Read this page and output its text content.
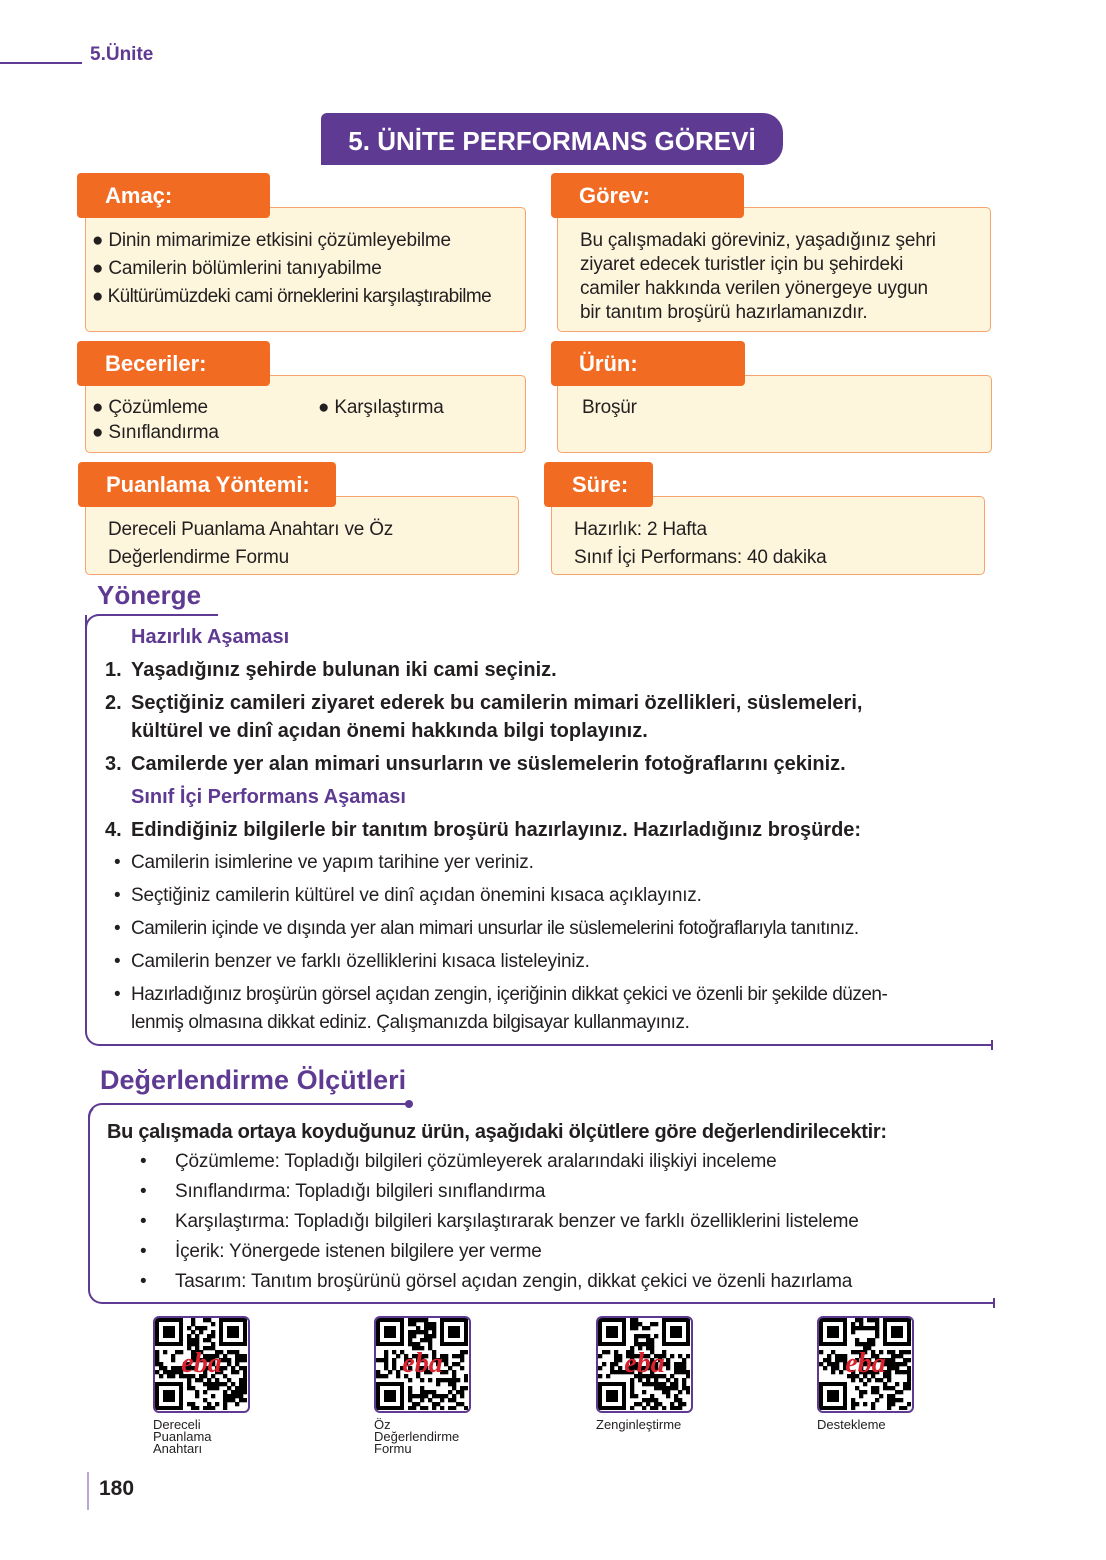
5.Ünite
5. ÜNİTE PERFORMANS GÖREVİ
Amaç:
● Dinin mimarimize etkisini çözümleyebilme
● Camilerin bölümlerini tanıyabilme
● Kültürümüzdeki cami örneklerini karşılaştırabilme
Görev:
Bu çalışmadaki göreviniz, yaşadığınız şehri
ziyaret edecek turistler için bu şehirdeki
camiler hakkında verilen yönergeye uygun
bir tanıtım broşürü hazırlamanızdır.
Beceriler:
● Çözümleme
● Sınıflandırma
● Karşılaştırma
Ürün:
Broşür
Puanlama Yöntemi:
Dereceli Puanlama Anahtarı ve Öz
Değerlendirme Formu
Süre:
Hazırlık: 2 Hafta
Sınıf İçi Performans: 40 dakika
Yönerge
Hazırlık Aşaması
1. Yaşadığınız şehirde bulunan iki cami seçiniz.
2. Seçtiğiniz camileri ziyaret ederek bu camilerin mimari özellikleri, süslemeleri,
kültürel ve dinî açıdan önemi hakkında bilgi toplayınız.
3. Camilerde yer alan mimari unsurların ve süslemelerin fotoğraflarını çekiniz.
Sınıf İçi Performans Aşaması
4. Edindiğiniz bilgilerle bir tanıtım broşürü hazırlayınız. Hazırladığınız broşürde:
• Camilerin isimlerine ve yapım tarihine yer veriniz.
• Seçtiğiniz camilerin kültürel ve dinî açıdan önemini kısaca açıklayınız.
• Camilerin içinde ve dışında yer alan mimari unsurlar ile süslemelerini fotoğraflarıyla tanıtınız.
• Camilerin benzer ve farklı özelliklerini kısaca listeleyiniz.
• Hazırladığınız broşürün görsel açıdan zengin, içeriğinin dikkat çekici ve özenli bir şekilde düzen-
lenmiş olmasına dikkat ediniz. Çalışmanızda bilgisayar kullanmayınız.
Değerlendirme Ölçütleri
Bu çalışmada ortaya koyduğunuz ürün, aşağıdaki ölçütlere göre değerlendirilecektir:
• Çözümleme: Topladığı bilgileri çözümleyerek aralarındaki ilişkiyi inceleme
• Sınıflandırma: Topladığı bilgileri sınıflandırma
• Karşılaştırma: Topladığı bilgileri karşılaştırarak benzer ve farklı özelliklerini listeleme
• İçerik: Yönergede istenen bilgilere yer verme
• Tasarım: Tanıtım broşürünü görsel açıdan zengin, dikkat çekici ve özenli hazırlama
eba
Dereceli
Puanlama
Anahtarı
eba
Öz
Değerlendirme
Formu
eba
Zenginleştirme
eba
Destekleme
180
